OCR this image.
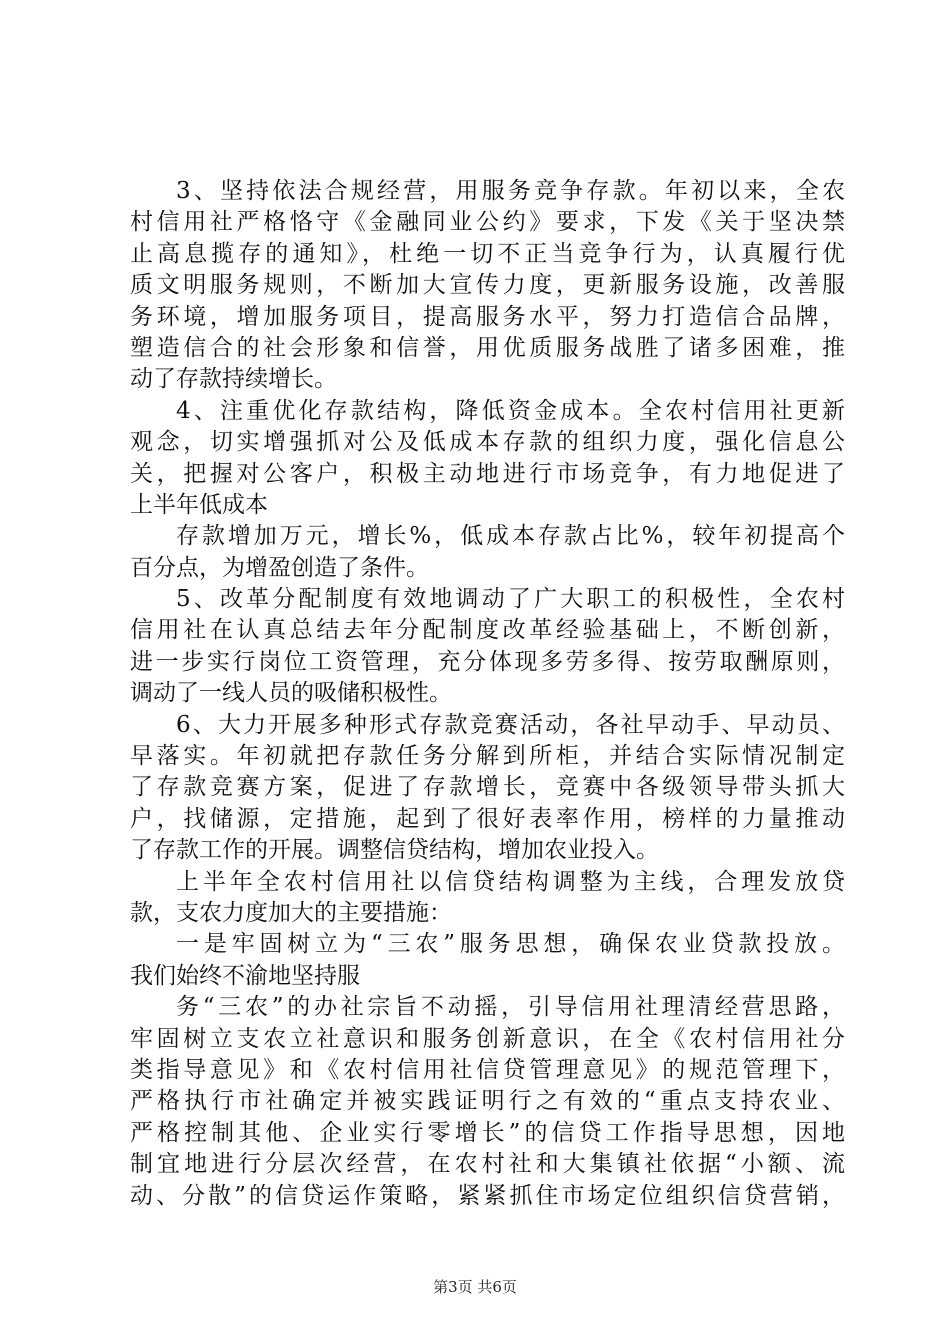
3、坚持依法合规经营，用服务竞争存款。年初以来，全农
村信用社严格恪守《金融同业公约》要求，下发《关于坚决禁
止高息揽存的通知》，杜绝一切不正当竞争行为，认真履行优
质文明服务规则，不断加大宣传力度，更新服务设施，改善服
务环境，增加服务项目，提高服务水平，努力打造信合品牌，
塑造信合的社会形象和信誉，用优质服务战胜了诸多困难，推
动了存款持续增长。
4、注重优化存款结构，降低资金成本。全农村信用社更新
观念，切实增强抓对公及低成本存款的组织力度，强化信息公
关，把握对公客户，积极主动地进行市场竞争，有力地促进了
上半年低成本
存款增加万元，增长%，低成本存款占比%，较年初提高个
百分点，为增盈创造了条件。
5、改革分配制度有效地调动了广大职工的积极性，全农村
信用社在认真总结去年分配制度改革经验基础上，不断创新，
进一步实行岗位工资管理，充分体现多劳多得、按劳取酬原则，
调动了一线人员的吸储积极性。
6、大力开展多种形式存款竞赛活动，各社早动手、早动员、
早落实。年初就把存款任务分解到所柜，并结合实际情况制定
了存款竞赛方案，促进了存款增长，竞赛中各级领导带头抓大
户，找储源，定措施，起到了很好表率作用，榜样的力量推动
了存款工作的开展。调整信贷结构，增加农业投入。
上半年全农村信用社以信贷结构调整为主线，合理发放贷
款，支农力度加大的主要措施：
一是牢固树立为“三农”服务思想，确保农业贷款投放。
我们始终不渝地坚持服
务“三农”的办社宗旨不动摇，引导信用社理清经营思路，
牢固树立支农立社意识和服务创新意识，在全《农村信用社分
类指导意见》和《农村信用社信贷管理意见》的规范管理下，
严格执行市社确定并被实践证明行之有效的“重点支持农业、
严格控制其他、企业实行零增长”的信贷工作指导思想，因地
制宜地进行分层次经营，在农村社和大集镇社依据“小额、流
动、分散”的信贷运作策略，紧紧抓住市场定位组织信贷营销，
第3页 共6页
